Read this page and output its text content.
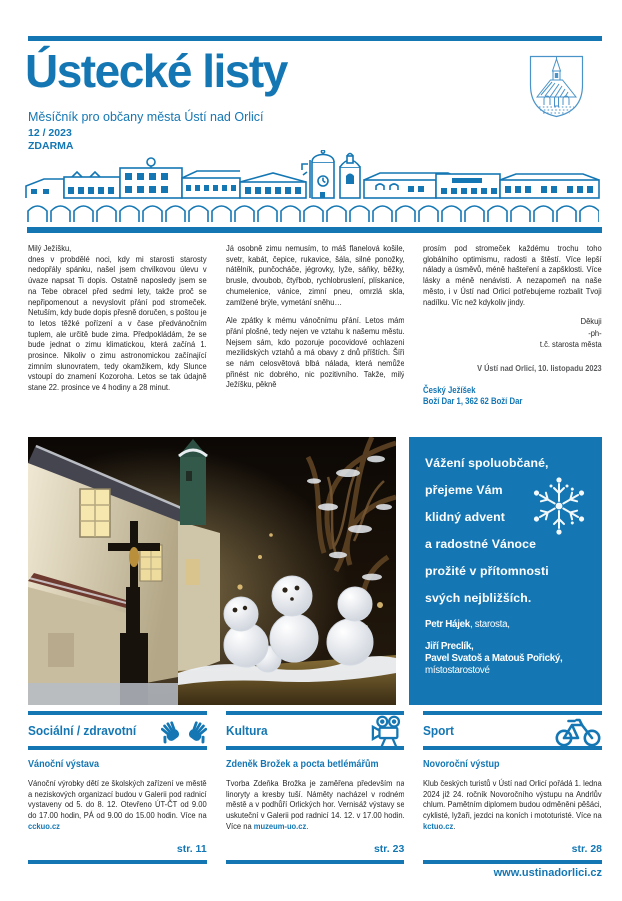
Ústecké listy
Měsíčník pro občany města Ústí nad Orlicí
12 / 2023
ZDARMA
Milý Ježíšku,
dnes v probdělé noci, kdy mi starosti starosty nedopřály spánku, našel jsem chvilkovou úlevu v úvaze napsat Ti dopis. Ostatně naposledy jsem se na Tebe obracel před sedmi lety, takže proč se nepřipomenout a nevyslovit přání pod stromeček. Netuším, kdy bude dopis přesně doručen, s poštou je to letos těžké pořízení a v čase předvánočním tuplem, ale určitě bude zima. Předpokládám, že se bude jednat o zimu klimatickou, která začíná 1. prosince. Nikoliv o zimu astronomickou začínající zimním slunovratem, tedy okamžikem, kdy Slunce vstoupí do znamení Kozoroha. Letos se tak údajně stane 22. prosince ve 4 hodiny a 28 minut.
Já osobně zimu nemusím, to máš flanelová košile, svetr, kabát, čepice, rukavice, šála, silné ponožky, nátělník, punčocháče, jégrovky, lyže, sáňky, běžky, brusle, dvoubob, čtyřbob, rychlobruslení, plískanice, chumelenice, vánice, zimní pneu, omrzlá skla, zamlžené brýle, vymetání sněhu…
Ale zpátky k mému vánočnímu přání. Letos mám přání plošné, tedy nejen ve vztahu k našemu městu. Nejsem sám, kdo pozoruje pocovidové ochlazení mezilidských vztahů a má obavy z dnů příštích. Šíří se nám celosvětová blbá nálada, která nemůže přinést nic dobrého, nic pozitivního. Takže, milý Ježíšku, pěkně
prosím pod stromeček každému trochu toho globálního optimismu, radosti a štěstí. Více lepší nálady a úsměvů, méně hašteření a zapšklosti. Více lásky a méně nenávisti. A nezapomeň na naše město, i v Ústí nad Orlicí potřebujeme rozbalit Tvoji nadílku. Víc než kdykoliv jindy.
Děkuji
-ph-
t.č. starosta města
V Ústí nad Orlicí, 10. listopadu 2023
Český Ježíšek
Boží Dar 1, 362 62 Boží Dar
Vážení spoluobčané,
přejeme Vám
klidný advent
a radostné Vánoce
prožité v přítomnosti
svých nejbližších.
Petr Hájek, starosta,
Jiří Preclík,
Pavel Svatoš a Matouš Pořický,
místostarostové
Sociální / zdravotní
Vánoční výstava
Vánoční výrobky dětí ze školských zařízení ve městě a neziskových organizací budou v Galerii pod radnicí vystaveny od 5. do 8. 12. Otevřeno ÚT-ČT od 9.00 do 17.00 hodin, PÁ od 9.00 do 15.00 hodin. Více na cckuo.cz
str. 11
Kultura
Zdeněk Brožek a pocta betlémářům
Tvorba Zdeňka Brožka je zaměřena především na linoryty a kresby tuší. Náměty nacházel v rodném městě a v podhůří Orlických hor. Vernisáž výstavy se uskuteční v Galerii pod radnicí 14. 12. v 17.00 hodin. Více na muzeum-uo.cz.
str. 23
Sport
Novoroční výstup
Klub českých turistů v Ústí nad Orlicí pořádá 1. ledna 2024 již 24. ročník Novoročního výstupu na Andrlův chlum. Pamětním diplomem budou odměněni pěšáci, cyklisté, lyžaři, jezdci na koních i mototuristé. Více na kctuo.cz.
str. 28
www.ustinadorlici.cz
